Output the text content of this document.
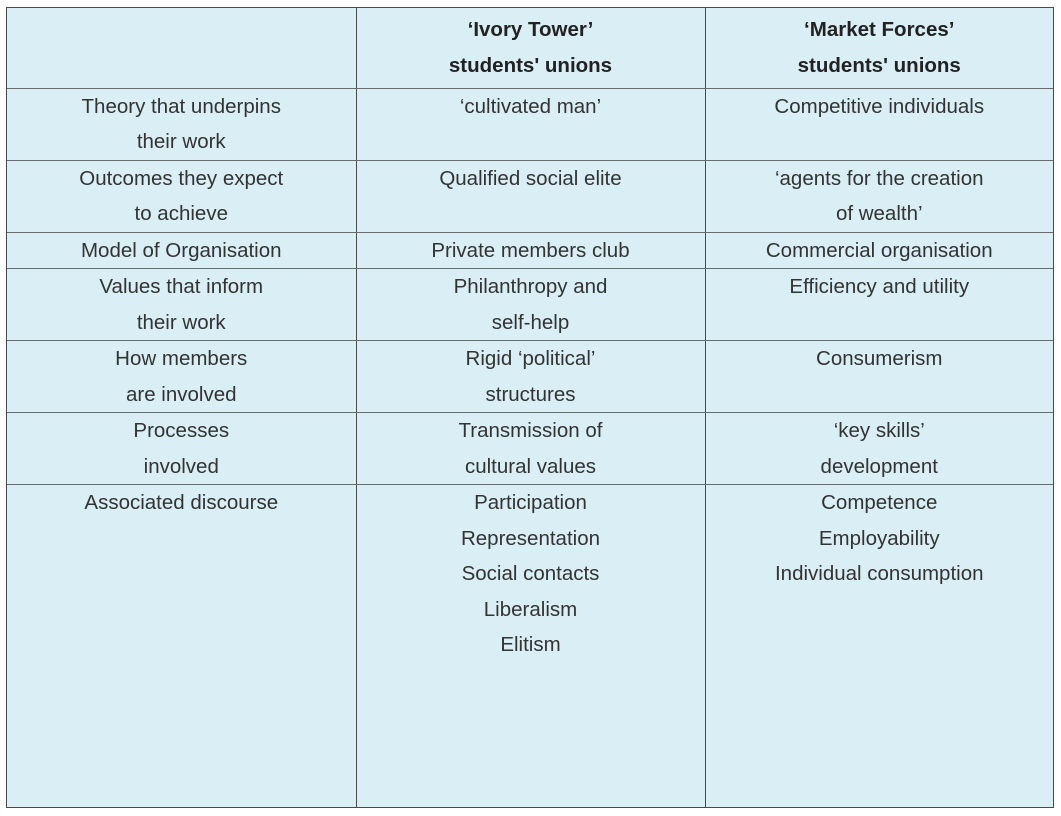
	‘Ivory Tower’
students' unions	‘Market Forces’
students' unions

Theory that underpins
their work	‘cultivated man’	Competitive individuals

Outcomes they expect
to achieve	Qualified social elite	‘agents for the creation
of wealth’

Model of Organisation	Private members club	Commercial organisation

Values that inform
their work	Philanthropy and
self-help	Efficiency and utility

How members
are involved	Rigid ‘political’
structures	Consumerism

Processes
involved	Transmission of
cultural values	‘key skills’
development

Associated discourse	Participation
Representation
Social contacts
Liberalism
Elitism	Competence
Employability
Individual consumption
